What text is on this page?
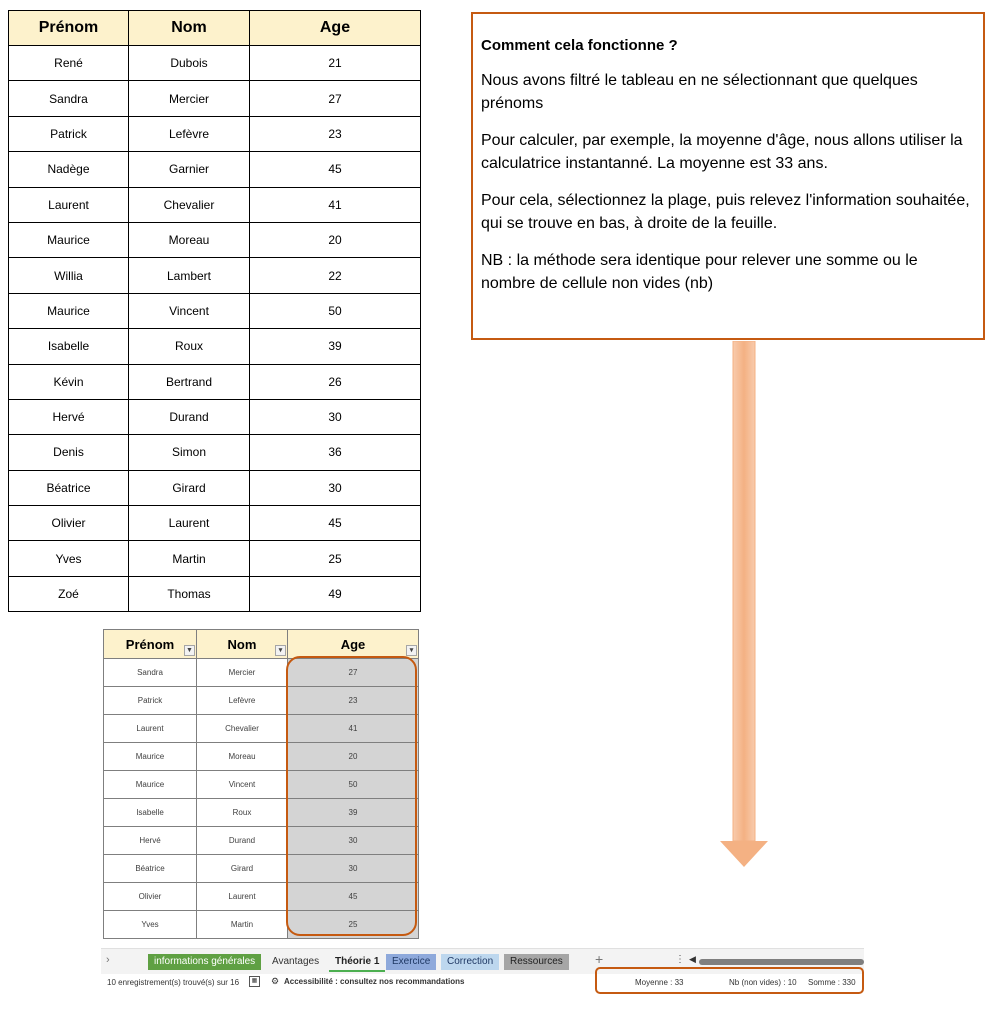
Prénom	Nom	Age
René	Dubois	21
Sandra	Mercier	27
Patrick	Lefèvre	23
Nadège	Garnier	45
Laurent	Chevalier	41
Maurice	Moreau	20
Willia	Lambert	22
Maurice	Vincent	50
Isabelle	Roux	39
Kévin	Bertrand	26
Hervé	Durand	30
Denis	Simon	36
Béatrice	Girard	30
Olivier	Laurent	45
Yves	Martin	25
Zoé	Thomas	49

Comment cela fonctionne ?

Nous avons filtré le tableau en ne sélectionnant que quelques prénoms

Pour calculer, par exemple, la moyenne d'âge, nous allons utiliser la calculatrice instantanné. La moyenne est 33 ans.

Pour cela, sélectionnez la plage, puis relevez l'information souhaitée, qui se trouve en bas, à droite de la feuille.

NB : la méthode sera identique pour relever une somme ou le nombre de cellule non vides (nb)

Prénom ▼	Nom ▾	Age ▾

Sandra	Mercier	27
Patrick	Lefèvre	23
Laurent	Chevalier	41
Maurice	Moreau	20
Maurice	Vincent	50
Isabelle	Roux	39
Hervé	Durand	30
Béatrice	Girard	30
Olivier	Laurent	45
Yves	Martin	25
›	informations générales	Avantages	Théorie 1	Exercice	Correction	Ressources	+	⋮ ◀
10 enregistrement(s) trouvé(s) sur 16	▦ ⚙ Accessibilité : consultez nos recommandations	Moyenne : 33	Nb (non vides) : 10 Somme : 330
